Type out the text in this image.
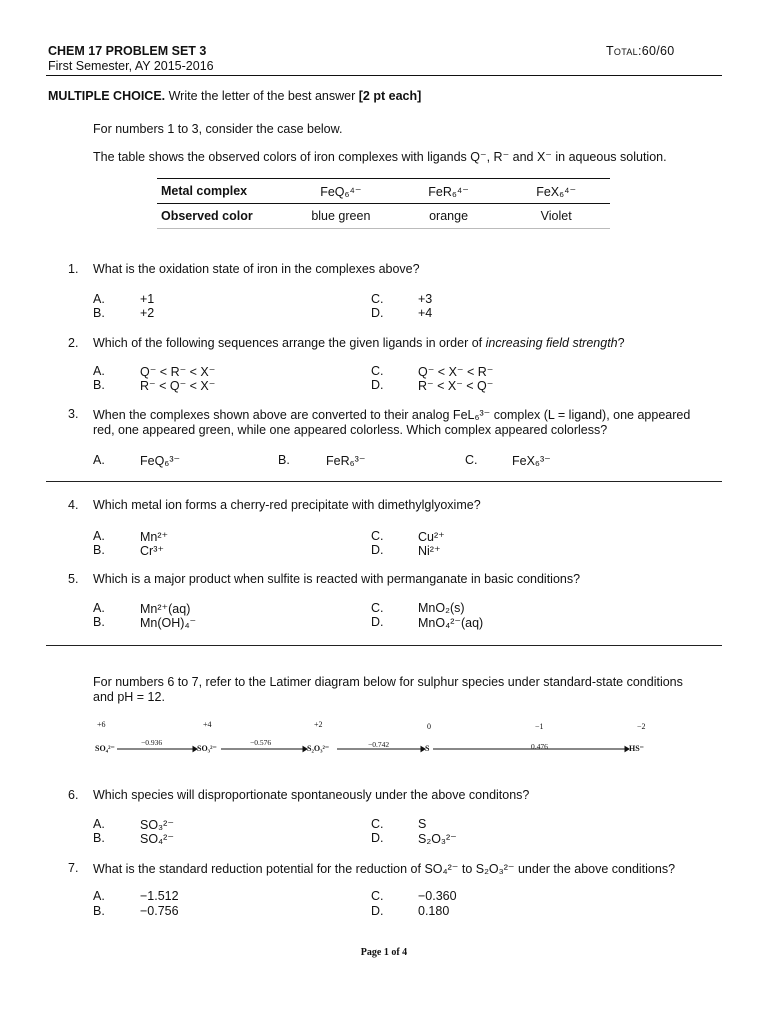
CHEM 17 PROBLEM SET 3
First Semester, AY 2015-2016
Total:60/60
MULTIPLE CHOICE. Write the letter of the best answer [2 pt each]
For numbers 1 to 3, consider the case below.
The table shows the observed colors of iron complexes with ligands Q⁻, R⁻ and X⁻ in aqueous solution.
Metal complex	FeQ₆⁴⁻	FeR₆⁴⁻	FeX₆⁴⁻
Observed color	blue green	orange	Violet
1. What is the oxidation state of iron in the complexes above?
A.	+1
B.	+2
C.	+3
D.	+4
2. Which of the following sequences arrange the given ligands in order of increasing field strength?
A.	Q⁻ < R⁻ < X⁻
B.	R⁻ < Q⁻ < X⁻
C.	Q⁻ < X⁻ < R⁻
D.	R⁻ < X⁻ < Q⁻
3. When the complexes shown above are converted to their analog FeL₆³⁻ complex (L = ligand), one appeared
red, one appeared green, while one appeared colorless. Which complex appeared colorless?
A.	FeQ₆³⁻	B.	FeR₆³⁻	C.	FeX₆³⁻
4. Which metal ion forms a cherry-red precipitate with dimethylglyoxime?
A.	Mn²⁺
B.	Cr³⁺
C.	Cu²⁺
D.	Ni²⁺
5. Which is a major product when sulfite is reacted with permanganate in basic conditions?
A.	Mn²⁺(aq)
B.	Mn(OH)₄⁻
C.	MnO₂(s)
D.	MnO₄²⁻(aq)
For numbers 6 to 7, refer to the Latimer diagram below for sulphur species under standard-state conditions
and pH = 12.
+6	+4	+2	0	−1	−2
SO₄²⁻	SO₃²⁻	S₂O₃²⁻	S	HS⁻
−0.936	−0.576	−0.742	0.476
6. Which species will disproportionate spontaneously under the above conditons?
A.	SO₃²⁻
B.	SO₄²⁻
C.	S
D.	S₂O₃²⁻
7. What is the standard reduction potential for the reduction of SO₄²⁻ to S₂O₃²⁻ under the above conditions?
A.	−1.512
B.	−0.756
C.	−0.360
D.	0.180
Page 1 of 4
